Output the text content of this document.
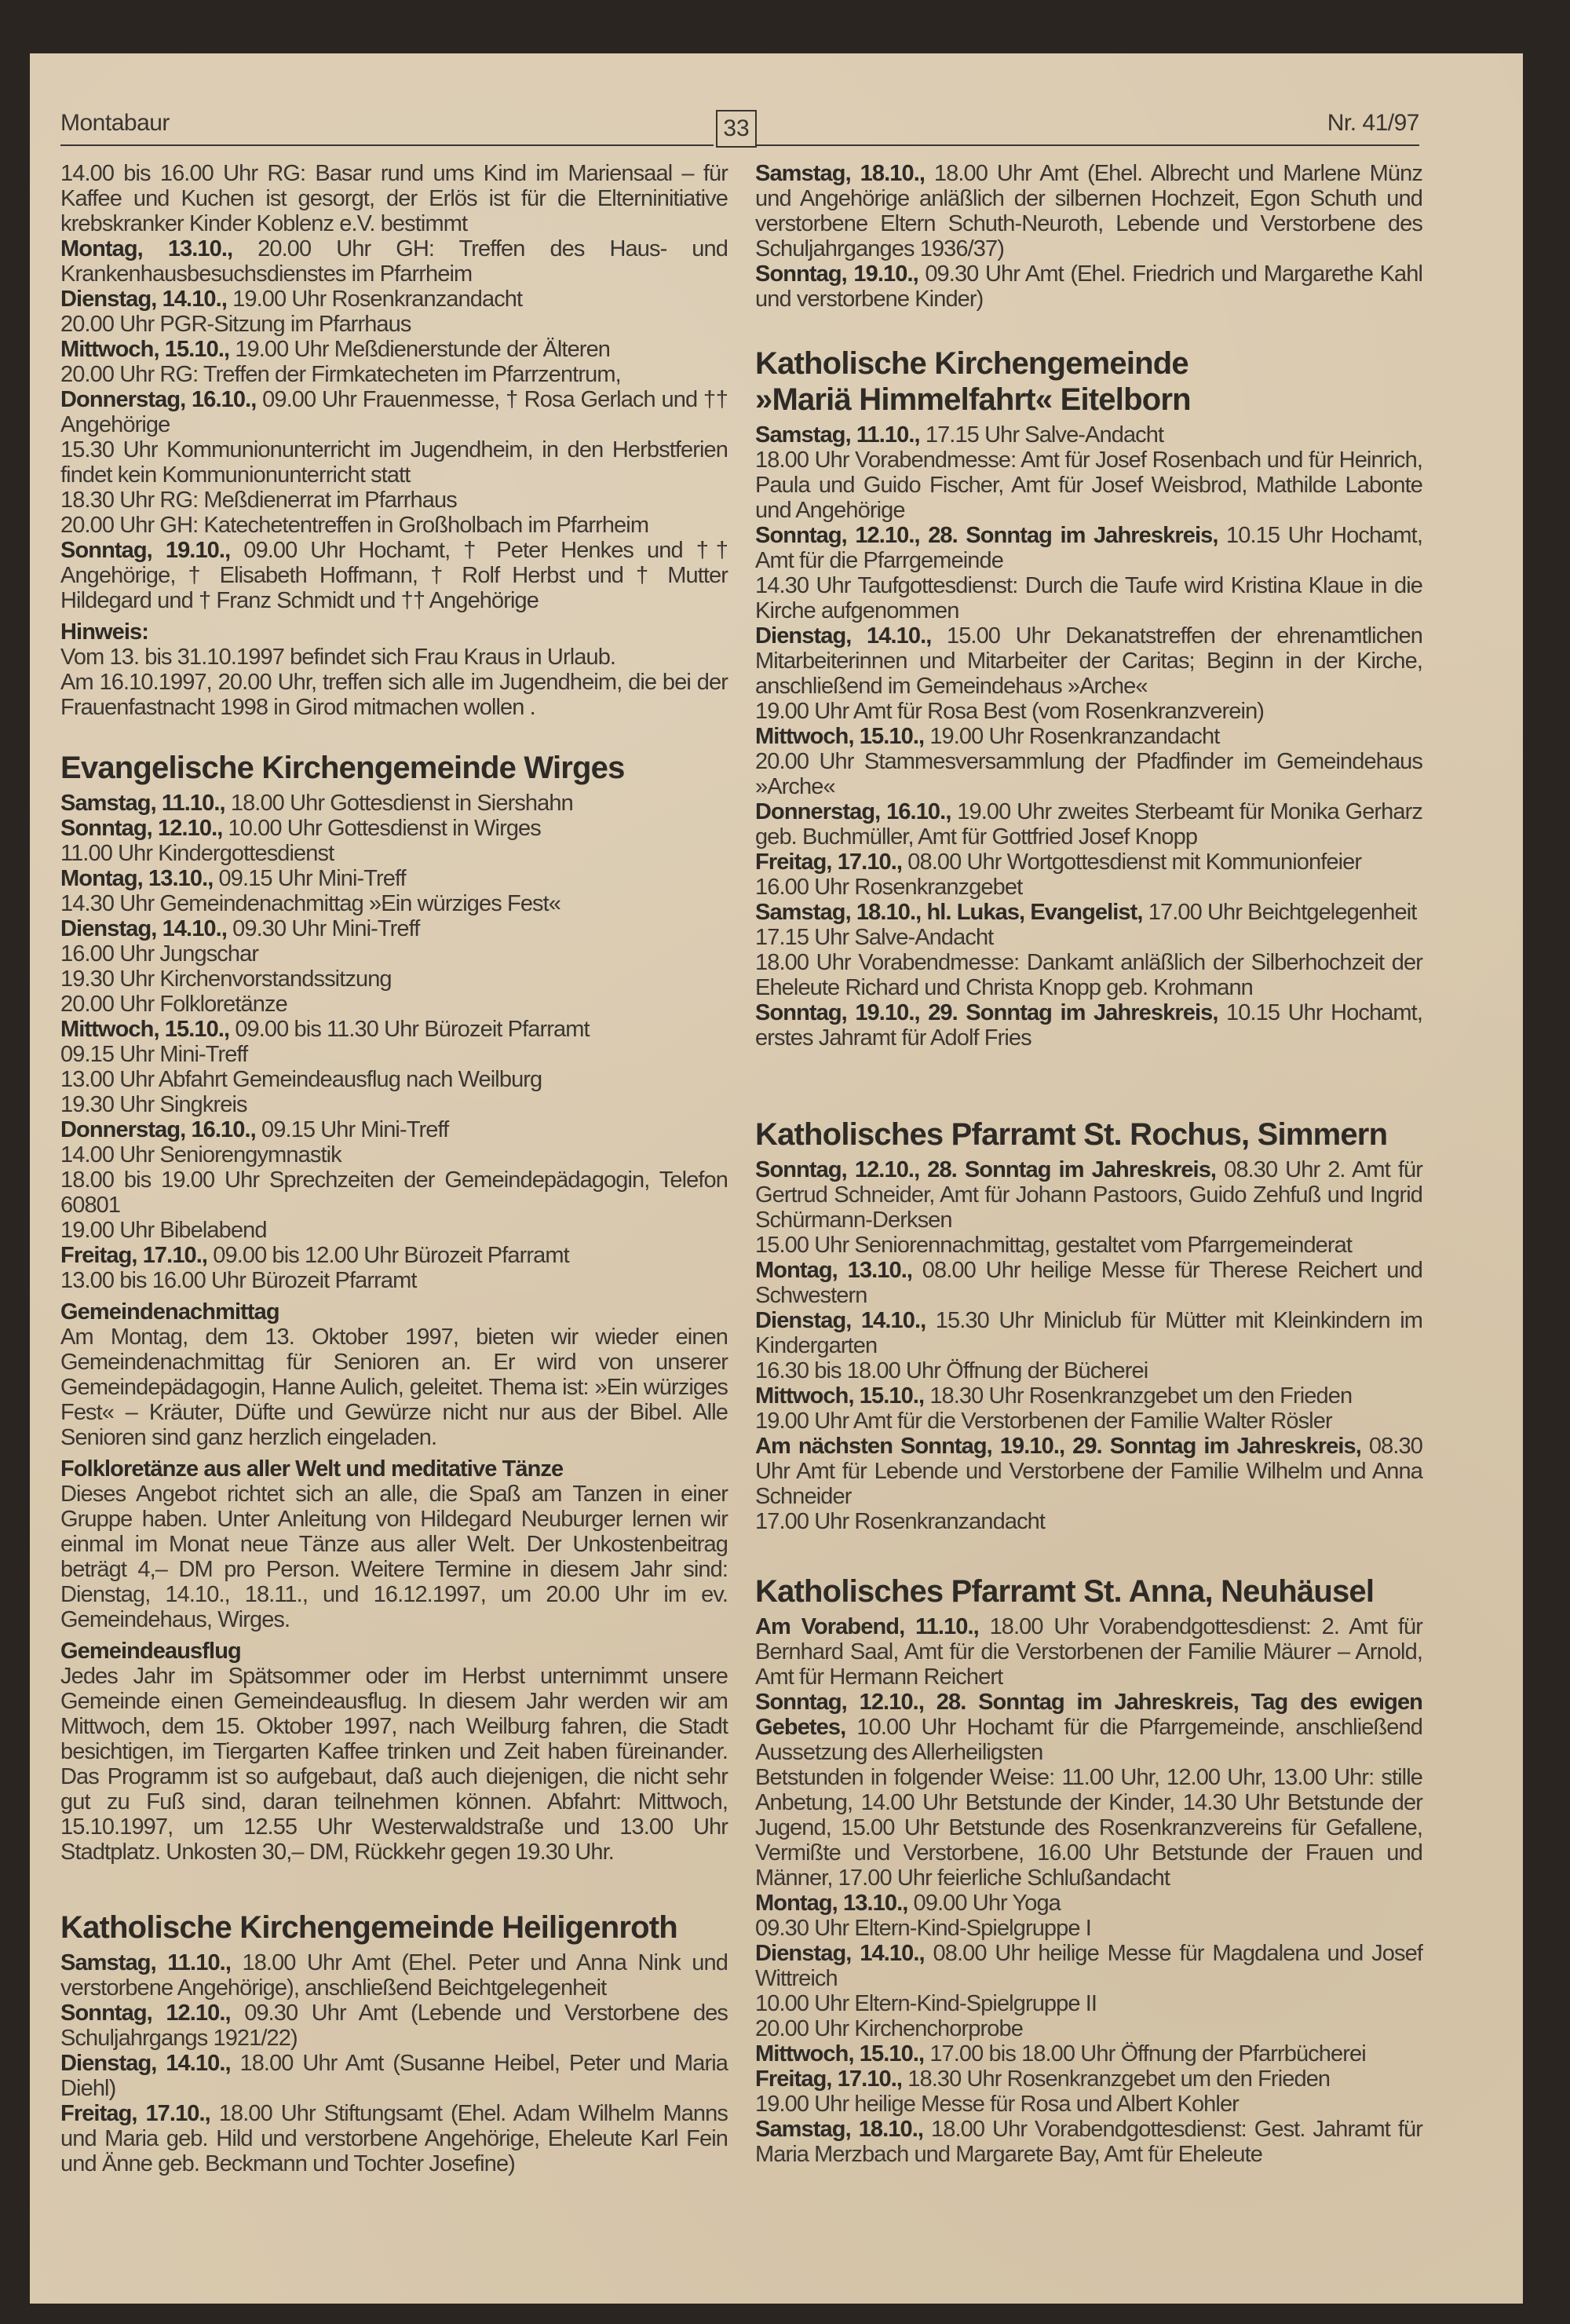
Montabaur	33	Nr. 41/97

14.00 bis 16.00 Uhr RG: Basar rund ums Kind im Mariensaal – für Kaffee und Kuchen ist gesorgt, der Erlös ist für die Elterninitiative krebskranker Kinder Koblenz e.V. bestimmt

Montag, 13.10., 20.00 Uhr GH: Treffen des Haus- und Krankenhausbesuchsdienstes im Pfarrheim

Dienstag, 14.10., 19.00 Uhr Rosenkranzandacht

20.00 Uhr PGR-Sitzung im Pfarrhaus

Mittwoch, 15.10., 19.00 Uhr Meßdienerstunde der Älteren

20.00 Uhr RG: Treffen der Firmkatecheten im Pfarrzentrum,

Donnerstag, 16.10., 09.00 Uhr Frauenmesse, † Rosa Gerlach und †† Angehörige

15.30 Uhr Kommunionunterricht im Jugendheim, in den Herbstferien findet kein Kommunionunterricht statt

18.30 Uhr RG: Meßdienerrat im Pfarrhaus

20.00 Uhr GH: Katechetentreffen in Großholbach im Pfarrheim

Sonntag, 19.10., 09.00 Uhr Hochamt, † Peter Henkes und †† Angehörige, † Elisabeth Hoffmann, † Rolf Herbst und † Mutter Hildegard und † Franz Schmidt und †† Angehörige

Hinweis:

Vom 13. bis 31.10.1997 befindet sich Frau Kraus in Urlaub.

Am 16.10.1997, 20.00 Uhr, treffen sich alle im Jugendheim, die bei der Frauenfastnacht 1998 in Girod mitmachen wollen .

Evangelische Kirchengemeinde Wirges

Samstag, 11.10., 18.00 Uhr Gottesdienst in Siershahn

Sonntag, 12.10., 10.00 Uhr Gottesdienst in Wirges

11.00 Uhr Kindergottesdienst

Montag, 13.10., 09.15 Uhr Mini-Treff

14.30 Uhr Gemeindenachmittag »Ein würziges Fest«

Dienstag, 14.10., 09.30 Uhr Mini-Treff

16.00 Uhr Jungschar

19.30 Uhr Kirchenvorstandssitzung

20.00 Uhr Folkloretänze

Mittwoch, 15.10., 09.00 bis 11.30 Uhr Bürozeit Pfarramt

09.15 Uhr Mini-Treff

13.00 Uhr Abfahrt Gemeindeausflug nach Weilburg

19.30 Uhr Singkreis

Donnerstag, 16.10., 09.15 Uhr Mini-Treff

14.00 Uhr Seniorengymnastik

18.00 bis 19.00 Uhr Sprechzeiten der Gemeindepädagogin, Telefon 60801

19.00 Uhr Bibelabend

Freitag, 17.10., 09.00 bis 12.00 Uhr Bürozeit Pfarramt

13.00 bis 16.00 Uhr Bürozeit Pfarramt

Gemeindenachmittag

Am Montag, dem 13. Oktober 1997, bieten wir wieder einen Gemeindenachmittag für Senioren an. Er wird von unserer Gemeindepädagogin, Hanne Aulich, geleitet. Thema ist: »Ein würziges Fest« – Kräuter, Düfte und Gewürze nicht nur aus der Bibel. Alle Senioren sind ganz herzlich eingeladen.

Folkloretänze aus aller Welt und meditative Tänze

Dieses Angebot richtet sich an alle, die Spaß am Tanzen in einer Gruppe haben. Unter Anleitung von Hildegard Neuburger lernen wir einmal im Monat neue Tänze aus aller Welt. Der Unkostenbeitrag beträgt 4,– DM pro Person. Weitere Termine in diesem Jahr sind: Dienstag, 14.10., 18.11., und 16.12.1997, um 20.00 Uhr im ev. Gemeindehaus, Wirges.

Gemeindeausflug

Jedes Jahr im Spätsommer oder im Herbst unternimmt unsere Gemeinde einen Gemeindeausflug. In diesem Jahr werden wir am Mittwoch, dem 15. Oktober 1997, nach Weilburg fahren, die Stadt besichtigen, im Tiergarten Kaffee trinken und Zeit haben füreinander. Das Programm ist so aufgebaut, daß auch diejenigen, die nicht sehr gut zu Fuß sind, daran teilnehmen können. Abfahrt: Mittwoch, 15.10.1997, um 12.55 Uhr Westerwaldstraße und 13.00 Uhr Stadtplatz. Unkosten 30,– DM, Rückkehr gegen 19.30 Uhr.

Katholische Kirchengemeinde Heiligenroth

Samstag, 11.10., 18.00 Uhr Amt (Ehel. Peter und Anna Nink und verstorbene Angehörige), anschließend Beichtgelegenheit

Sonntag, 12.10., 09.30 Uhr Amt (Lebende und Verstorbene des Schuljahrgangs 1921/22)

Dienstag, 14.10., 18.00 Uhr Amt (Susanne Heibel, Peter und Maria Diehl)

Freitag, 17.10., 18.00 Uhr Stiftungsamt (Ehel. Adam Wilhelm Manns und Maria geb. Hild und verstorbene Angehörige, Eheleute Karl Fein und Änne geb. Beckmann und Tochter Josefine)

Samstag, 18.10., 18.00 Uhr Amt (Ehel. Albrecht und Marlene Münz und Angehörige anläßlich der silbernen Hochzeit, Egon Schuth und verstorbene Eltern Schuth-Neuroth, Lebende und Verstorbene des Schuljahrganges 1936/37)

Sonntag, 19.10., 09.30 Uhr Amt (Ehel. Friedrich und Margarethe Kahl und verstorbene Kinder)

Katholische Kirchengemeinde
»Mariä Himmelfahrt« Eitelborn

Samstag, 11.10., 17.15 Uhr Salve-Andacht

18.00 Uhr Vorabendmesse: Amt für Josef Rosenbach und für Heinrich, Paula und Guido Fischer, Amt für Josef Weisbrod, Mathilde Labonte und Angehörige

Sonntag, 12.10., 28. Sonntag im Jahreskreis, 10.15 Uhr Hochamt, Amt für die Pfarrgemeinde

14.30 Uhr Taufgottesdienst: Durch die Taufe wird Kristina Klaue in die Kirche aufgenommen

Dienstag, 14.10., 15.00 Uhr Dekanatstreffen der ehrenamtlichen Mitarbeiterinnen und Mitarbeiter der Caritas; Beginn in der Kirche, anschließend im Gemeindehaus »Arche«

19.00 Uhr Amt für Rosa Best (vom Rosenkranzverein)

Mittwoch, 15.10., 19.00 Uhr Rosenkranzandacht

20.00 Uhr Stammesversammlung der Pfadfinder im Gemeindehaus »Arche«

Donnerstag, 16.10., 19.00 Uhr zweites Sterbeamt für Monika Gerharz geb. Buchmüller, Amt für Gottfried Josef Knopp

Freitag, 17.10., 08.00 Uhr Wortgottesdienst mit Kommunionfeier

16.00 Uhr Rosenkranzgebet

Samstag, 18.10., hl. Lukas, Evangelist, 17.00 Uhr Beichtgelegenheit

17.15 Uhr Salve-Andacht

18.00 Uhr Vorabendmesse: Dankamt anläßlich der Silberhochzeit der Eheleute Richard und Christa Knopp geb. Krohmann

Sonntag, 19.10., 29. Sonntag im Jahreskreis, 10.15 Uhr Hochamt, erstes Jahramt für Adolf Fries

Katholisches Pfarramt St. Rochus, Simmern

Sonntag, 12.10., 28. Sonntag im Jahreskreis, 08.30 Uhr 2. Amt für Gertrud Schneider, Amt für Johann Pastoors, Guido Zehfuß und Ingrid Schürmann-Derksen

15.00 Uhr Seniorennachmittag, gestaltet vom Pfarrgemeinderat

Montag, 13.10., 08.00 Uhr heilige Messe für Therese Reichert und Schwestern

Dienstag, 14.10., 15.30 Uhr Miniclub für Mütter mit Kleinkindern im Kindergarten

16.30 bis 18.00 Uhr Öffnung der Bücherei

Mittwoch, 15.10., 18.30 Uhr Rosenkranzgebet um den Frieden

19.00 Uhr Amt für die Verstorbenen der Familie Walter Rösler

Am nächsten Sonntag, 19.10., 29. Sonntag im Jahreskreis, 08.30 Uhr Amt für Lebende und Verstorbene der Familie Wilhelm und Anna Schneider

17.00 Uhr Rosenkranzandacht

Katholisches Pfarramt St. Anna, Neuhäusel

Am Vorabend, 11.10., 18.00 Uhr Vorabendgottesdienst: 2. Amt für Bernhard Saal, Amt für die Verstorbenen der Familie Mäurer – Arnold, Amt für Hermann Reichert

Sonntag, 12.10., 28. Sonntag im Jahreskreis, Tag des ewigen Gebetes, 10.00 Uhr Hochamt für die Pfarrgemeinde, anschließend Aussetzung des Allerheiligsten

Betstunden in folgender Weise: 11.00 Uhr, 12.00 Uhr, 13.00 Uhr: stille Anbetung, 14.00 Uhr Betstunde der Kinder, 14.30 Uhr Betstunde der Jugend, 15.00 Uhr Betstunde des Rosenkranzvereins für Gefallene, Vermißte und Verstorbene, 16.00 Uhr Betstunde der Frauen und Männer, 17.00 Uhr feierliche Schlußandacht

Montag, 13.10., 09.00 Uhr Yoga

09.30 Uhr Eltern-Kind-Spielgruppe I

Dienstag, 14.10., 08.00 Uhr heilige Messe für Magdalena und Josef Wittreich

10.00 Uhr Eltern-Kind-Spielgruppe II

20.00 Uhr Kirchenchorprobe

Mittwoch, 15.10., 17.00 bis 18.00 Uhr Öffnung der Pfarrbücherei

Freitag, 17.10., 18.30 Uhr Rosenkranzgebet um den Frieden

19.00 Uhr heilige Messe für Rosa und Albert Kohler

Samstag, 18.10., 18.00 Uhr Vorabendgottesdienst: Gest. Jahramt für Maria Merzbach und Margarete Bay, Amt für Eheleute
